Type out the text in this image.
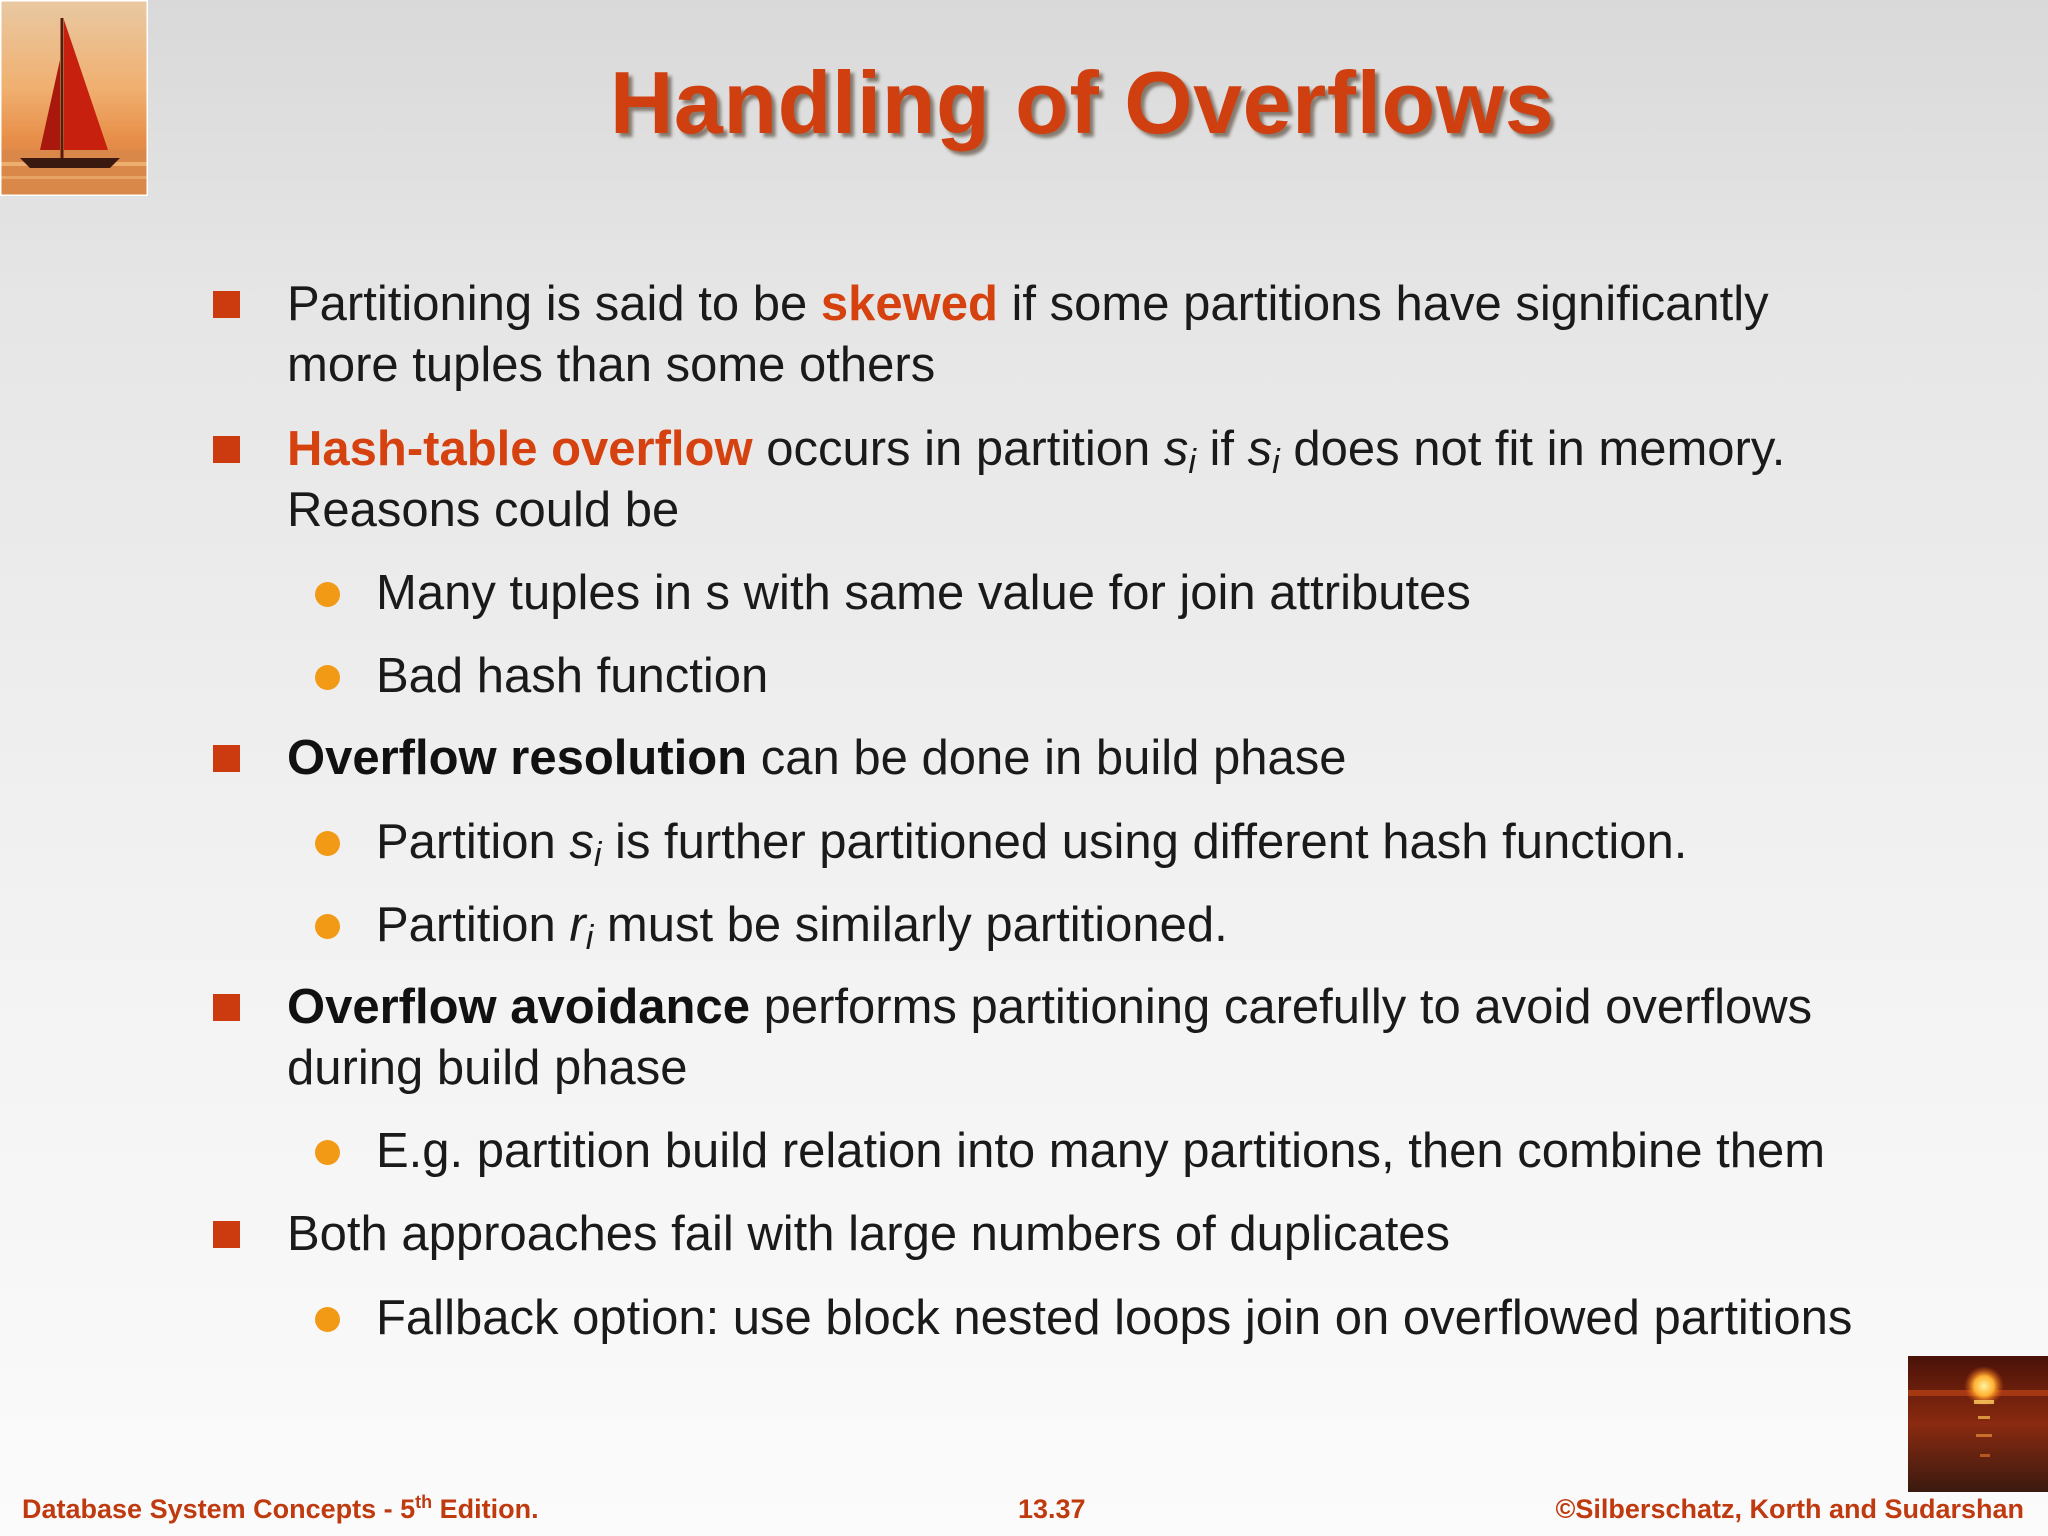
Handling of Overflows
Partitioning is said to be skewed if some partitions have significantly
more tuples than some others
Hash-table overflow occurs in partition $s_i$ if $s_i$ does not fit in memory.
Reasons could be
Many tuples in s with same value for join attributes
Bad hash function
Overflow resolution can be done in build phase
Partition $s_i$ is further partitioned using different hash function.
Partition $r_i$ must be similarly partitioned.
Overflow avoidance performs partitioning carefully to avoid overflows
during build phase
E.g. partition build relation into many partitions, then combine them
Both approaches fail with large numbers of duplicates
Fallback option: use block nested loops join on overflowed partitions
Database System Concepts - 5th Edition.	13.37	©Silberschatz, Korth and Sudarshan
